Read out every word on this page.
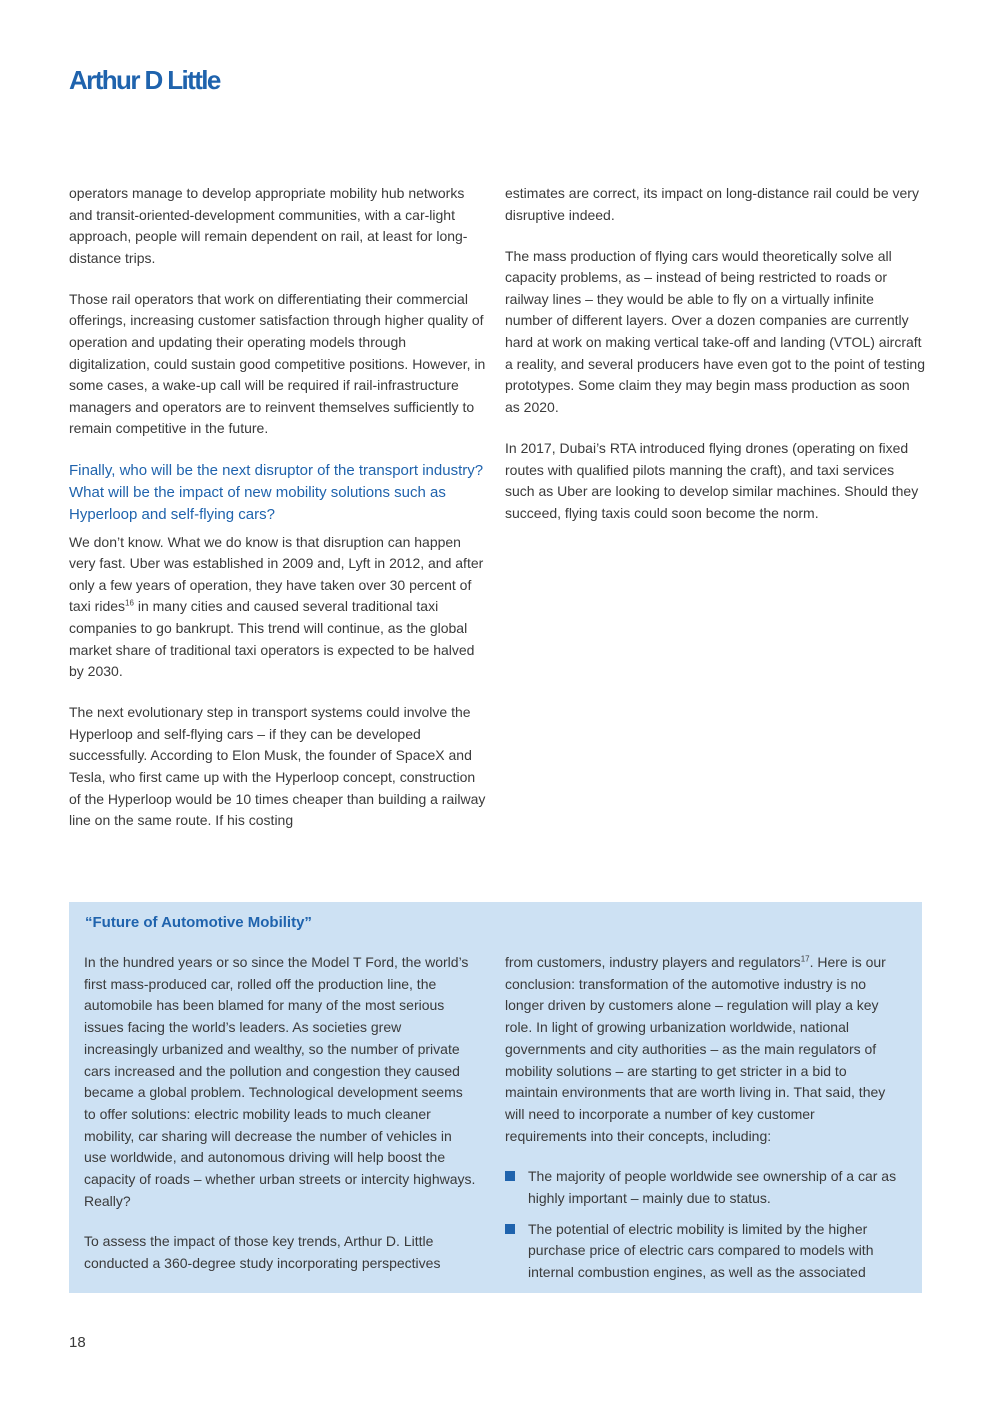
Arthur D Little

operators manage to develop appropriate mobility hub networks and transit-oriented-development communities, with a car-light approach, people will remain dependent on rail, at least for long-distance trips.

Those rail operators that work on differentiating their commercial offerings, increasing customer satisfaction through higher quality of operation and updating their operating models through digitalization, could sustain good competitive positions. However, in some cases, a wake-up call will be required if rail-infrastructure managers and operators are to reinvent themselves sufficiently to remain competitive in the future.

Finally, who will be the next disruptor of the transport industry? What will be the impact of new mobility solutions such as Hyperloop and self-flying cars?

We don’t know. What we do know is that disruption can happen very fast. Uber was established in 2009 and, Lyft in 2012, and after only a few years of operation, they have taken over 30 percent of taxi rides$^{16}$ in many cities and caused several traditional taxi companies to go bankrupt. This trend will continue, as the global market share of traditional taxi operators is expected to be halved by 2030.

The next evolutionary step in transport systems could involve the Hyperloop and self-flying cars – if they can be developed successfully. According to Elon Musk, the founder of SpaceX and Tesla, who first came up with the Hyperloop concept, construction of the Hyperloop would be 10 times cheaper than building a railway line on the same route. If his costing

estimates are correct, its impact on long-distance rail could be very disruptive indeed.

The mass production of flying cars would theoretically solve all capacity problems, as – instead of being restricted to roads or railway lines – they would be able to fly on a virtually infinite number of different layers. Over a dozen companies are currently hard at work on making vertical take-off and landing (VTOL) aircraft a reality, and several producers have even got to the point of testing prototypes. Some claim they may begin mass production as soon as 2020.

In 2017, Dubai’s RTA introduced flying drones (operating on fixed routes with qualified pilots manning the craft), and taxi services such as Uber are looking to develop similar machines. Should they succeed, flying taxis could soon become the norm.

“Future of Automotive Mobility”

In the hundred years or so since the Model T Ford, the world’s first mass-produced car, rolled off the production line, the automobile has been blamed for many of the most serious issues facing the world’s leaders. As societies grew increasingly urbanized and wealthy, so the number of private cars increased and the pollution and congestion they caused became a global problem. Technological development seems to offer solutions: electric mobility leads to much cleaner mobility, car sharing will decrease the number of vehicles in use worldwide, and autonomous driving will help boost the capacity of roads – whether urban streets or intercity highways. Really?

To assess the impact of those key trends, Arthur D. Little conducted a 360-degree study incorporating perspectives

from customers, industry players and regulators$^{17}$. Here is our conclusion: transformation of the automotive industry is no longer driven by customers alone – regulation will play a key role. In light of growing urbanization worldwide, national governments and city authorities – as the main regulators of mobility solutions – are starting to get stricter in a bid to maintain environments that are worth living in. That said, they will need to incorporate a number of key customer requirements into their concepts, including:

The majority of people worldwide see ownership of a car as highly important – mainly due to status.
The potential of electric mobility is limited by the higher purchase price of electric cars compared to models with internal combustion engines, as well as the associated
18
